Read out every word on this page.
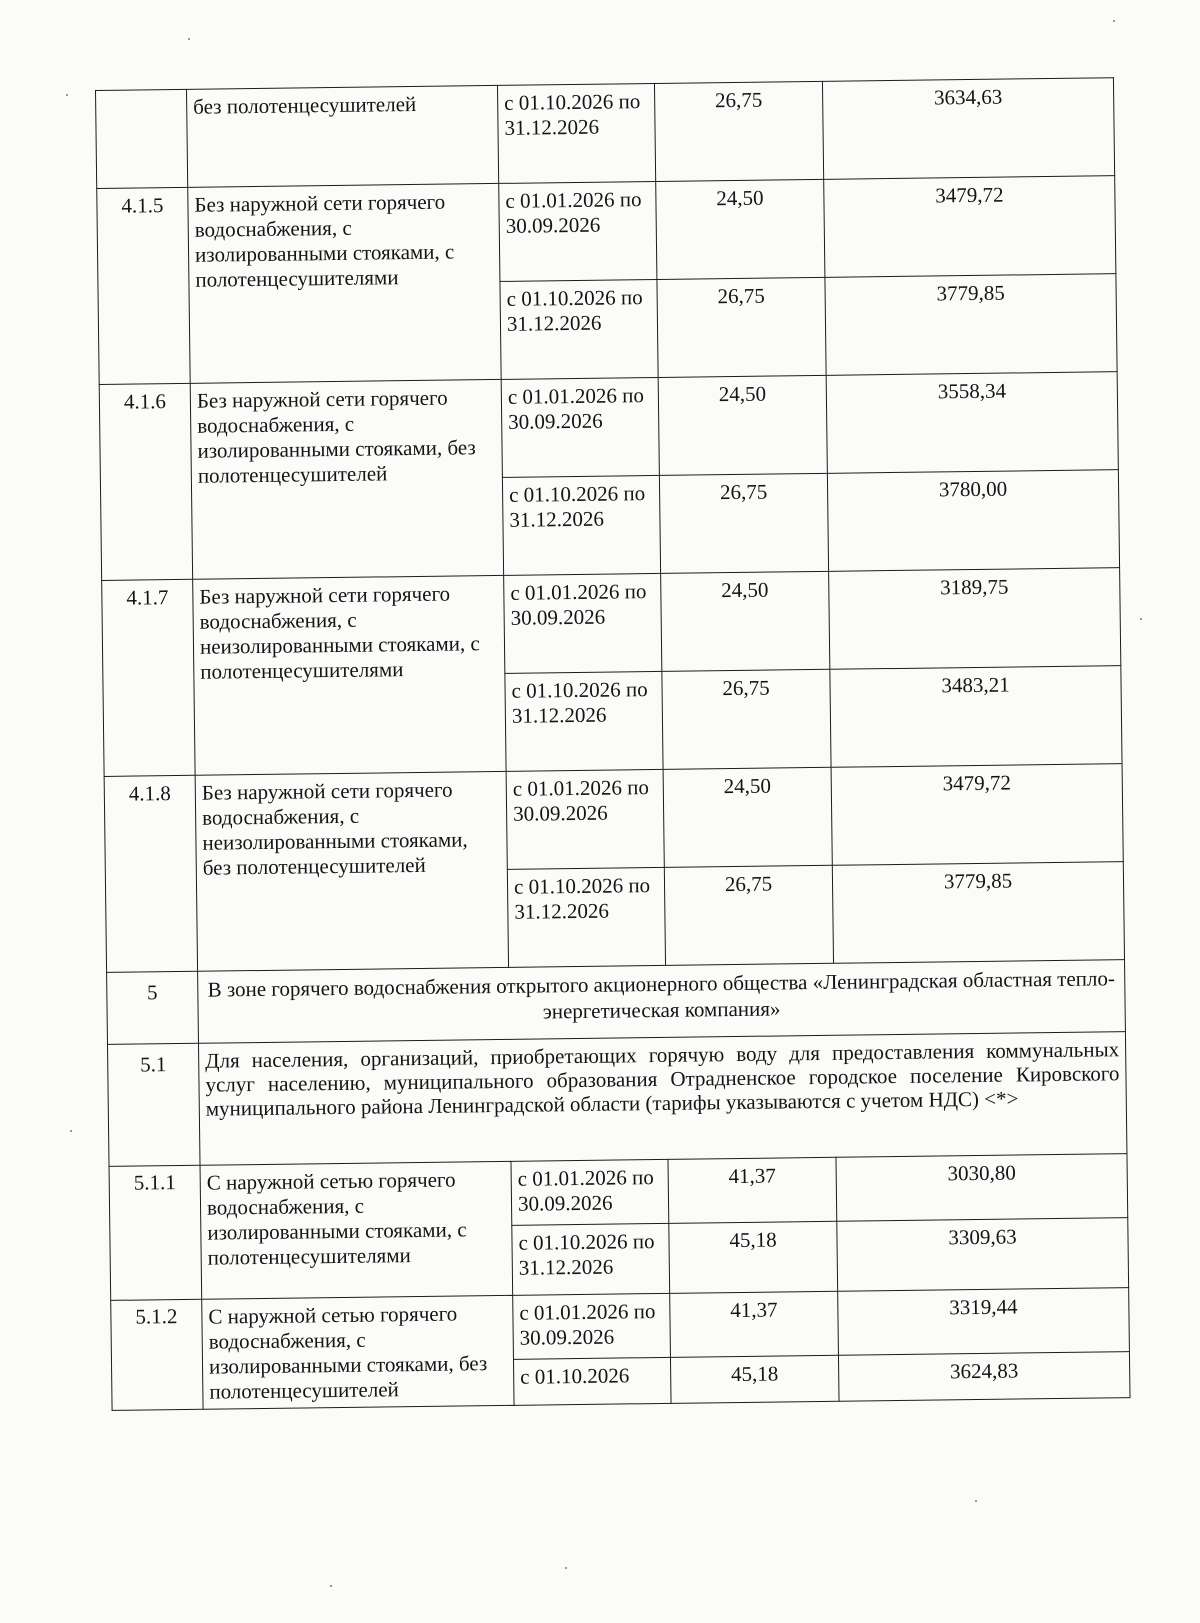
	без полотенцесушителей	с 01.10.2026 по 31.12.2026	26,75	3634,63
4.1.5	Без наружной сети горячего водоснабжения, с изолированными стояками, с полотенцесушителями	с 01.01.2026 по 30.09.2026	24,50	3479,72
		с 01.10.2026 по 31.12.2026	26,75	3779,85
4.1.6	Без наружной сети горячего водоснабжения, с изолированными стояками, без полотенцесушителей	с 01.01.2026 по 30.09.2026	24,50	3558,34
		с 01.10.2026 по 31.12.2026	26,75	3780,00
4.1.7	Без наружной сети горячего водоснабжения, с неизолированными стояками, с полотенцесушителями	с 01.01.2026 по 30.09.2026	24,50	3189,75
		с 01.10.2026 по 31.12.2026	26,75	3483,21
4.1.8	Без наружной сети горячего водоснабжения, с неизолированными стояками, без полотенцесушителей	с 01.01.2026 по 30.09.2026	24,50	3479,72
		с 01.10.2026 по 31.12.2026	26,75	3779,85
5	В зоне горячего водоснабжения открытого акционерного общества «Ленинградская областная тепло-энергетическая компания»			
5.1	Для населения, организаций, приобретающих горячую воду для предоставления коммунальных услуг населению, муниципального образования Отрадненское городское поселение Кировского муниципального района Ленинградской области (тарифы указываются с учетом НДС) <*>			
5.1.1	С наружной сетью горячего водоснабжения, с изолированными стояками, с полотенцесушителями	с 01.01.2026 по 30.09.2026	41,37	3030,80
		с 01.10.2026 по 31.12.2026	45,18	3309,63
5.1.2	С наружной сетью горячего водоснабжения, с изолированными стояками, без полотенцесушителей	с 01.01.2026 по 30.09.2026	41,37	3319,44
		с 01.10.2026	45,18	3624,83
